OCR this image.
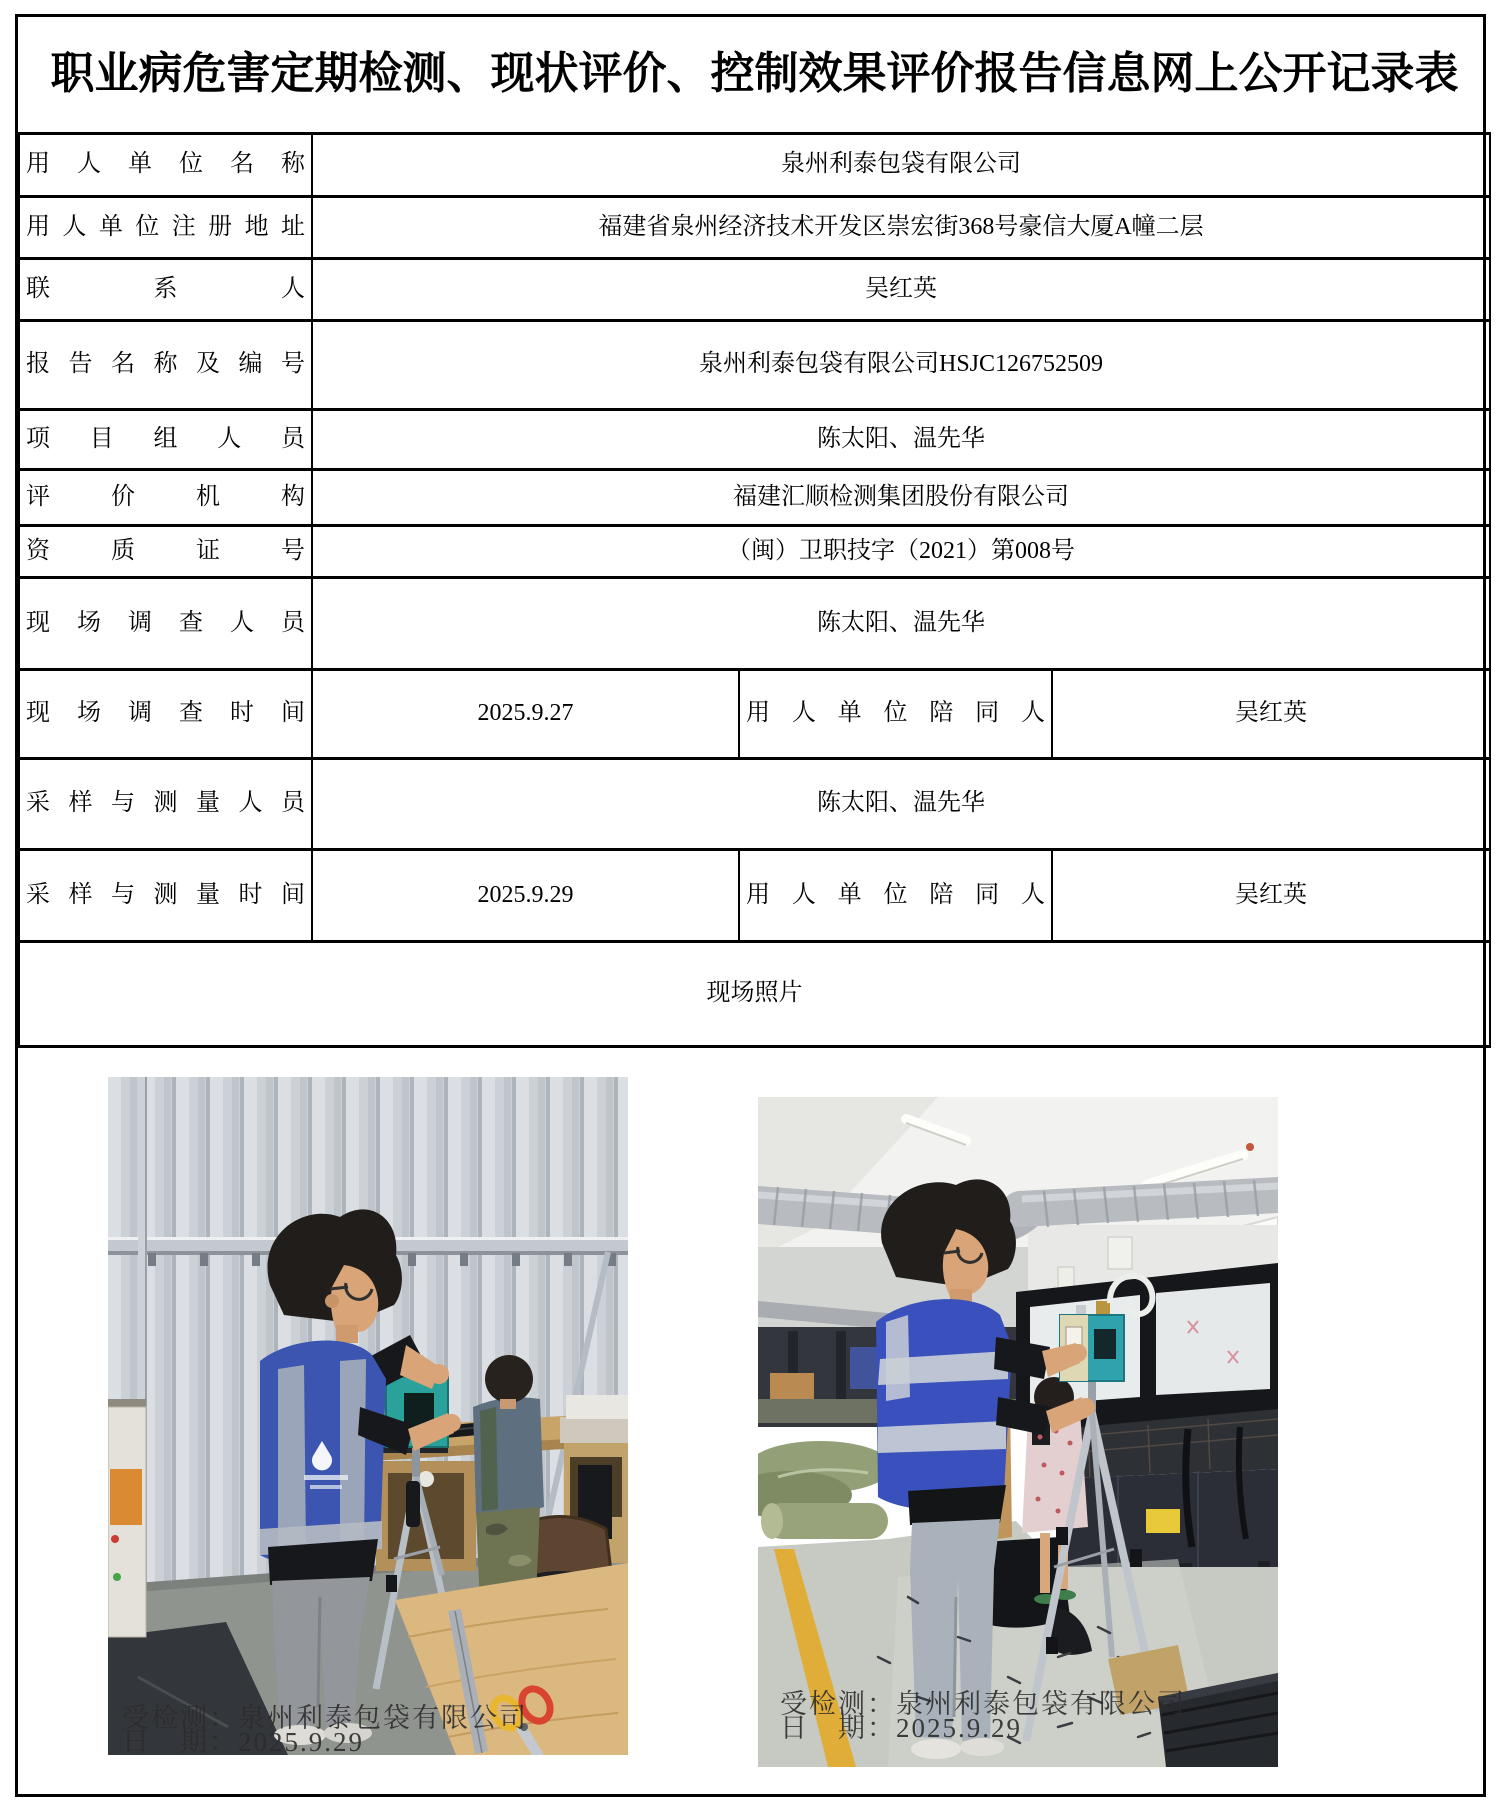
职业病危害定期检测、现状评价、控制效果评价报告信息网上公开记录表			

用人单位名称	泉州利泰包袋有限公司		
用人单位注册地址	福建省泉州经济技术开发区崇宏街368号豪信大厦A幢二层		
联系人	吴红英		
报告名称及编号	泉州利泰包袋有限公司HSJC126752509		
项目组人员	陈太阳、温先华		
评价机构	福建汇顺检测集团股份有限公司		
资质证号	（闽）卫职技字（2021）第008号		
现场调查人员	陈太阳、温先华		
现场调查时间	2025.9.27	用人单位陪同人	吴红英
采样与测量人员	陈太阳、温先华		
采样与测量时间	2025.9.29	用人单位陪同人	吴红英
现场照片			
受检测：泉州利泰包袋有限公司
日　期：2025.9.29
受检测：泉州利泰包袋有限公司
日　期：2025.9.29
